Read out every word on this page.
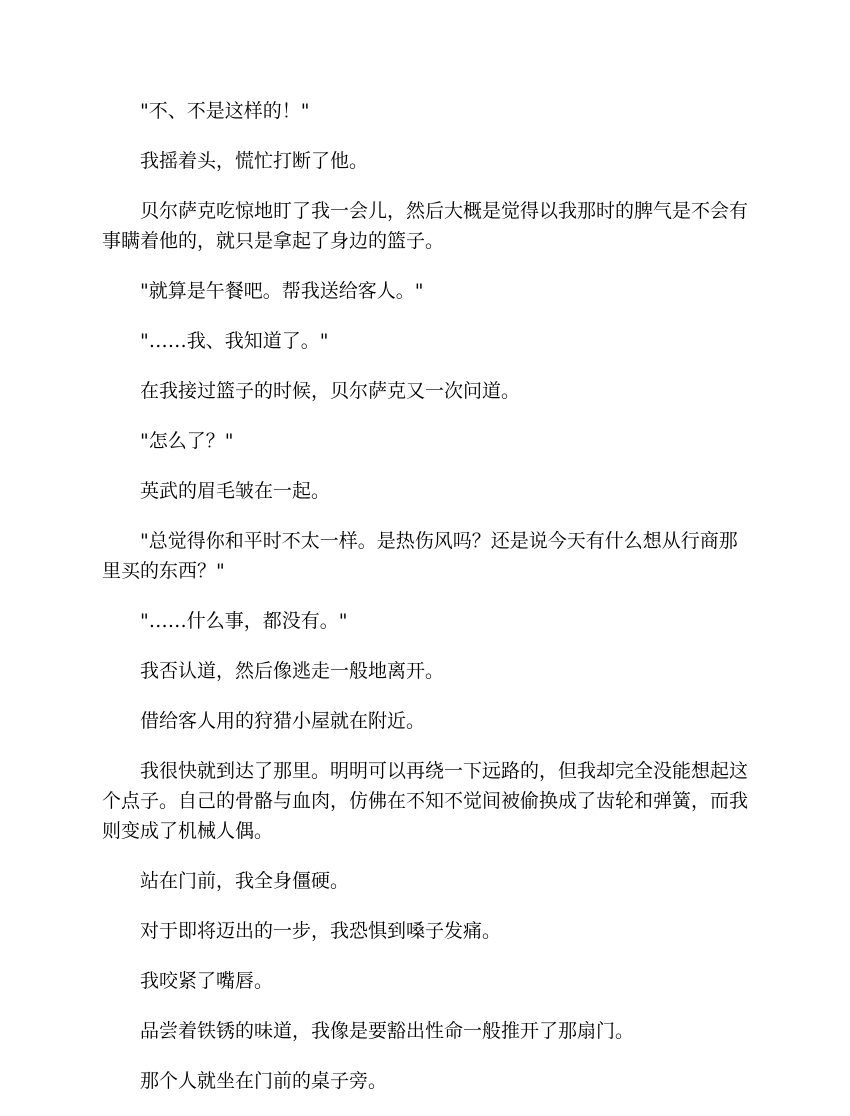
"不、不是这样的！"

我摇着头，慌忙打断了他。

贝尔萨克吃惊地盯了我一会儿，然后大概是觉得以我那时的脾气是不会有事瞒着他的，就只是拿起了身边的篮子。

"就算是午餐吧。帮我送给客人。"

"……我、我知道了。"

在我接过篮子的时候，贝尔萨克又一次问道。

"怎么了？"

英武的眉毛皱在一起。

"总觉得你和平时不太一样。是热伤风吗？还是说今天有什么想从行商那里买的东西？"

"……什么事，都没有。"

我否认道，然后像逃走一般地离开。

借给客人用的狩猎小屋就在附近。

我很快就到达了那里。明明可以再绕一下远路的，但我却完全没能想起这个点子。自己的骨骼与血肉，仿佛在不知不觉间被偷换成了齿轮和弹簧，而我则变成了机械人偶。

站在门前，我全身僵硬。

对于即将迈出的一步，我恐惧到嗓子发痛。

我咬紧了嘴唇。

品尝着铁锈的味道，我像是要豁出性命一般推开了那扇门。

那个人就坐在门前的桌子旁。
